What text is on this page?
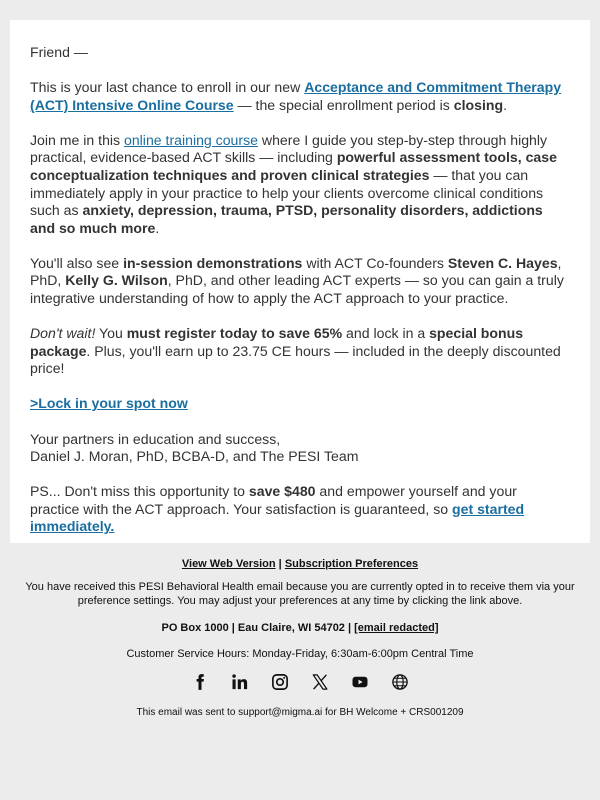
Friend —

This is your last chance to enroll in our new Acceptance and Commitment Therapy (ACT) Intensive Online Course — the special enrollment period is closing.

Join me in this online training course where I guide you step-by-step through highly practical, evidence-based ACT skills — including powerful assessment tools, case conceptualization techniques and proven clinical strategies — that you can immediately apply in your practice to help your clients overcome clinical conditions such as anxiety, depression, trauma, PTSD, personality disorders, addictions and so much more.

You'll also see in-session demonstrations with ACT Co-founders Steven C. Hayes, PhD, Kelly G. Wilson, PhD, and other leading ACT experts — so you can gain a truly integrative understanding of how to apply the ACT approach to your practice.

Don't wait! You must register today to save 65% and lock in a special bonus package. Plus, you'll earn up to 23.75 CE hours — included in the deeply discounted price!

>Lock in your spot now

Your partners in education and success,
Daniel J. Moran, PhD, BCBA-D, and The PESI Team

PS... Don't miss this opportunity to save $480 and empower yourself and your practice with the ACT approach. Your satisfaction is guaranteed, so get started immediately.

View Web Version | Subscription Preferences
You have received this PESI Behavioral Health email because you are currently opted in to receive them via your preference settings. You may adjust your preferences at any time by clicking the link above.
PO Box 1000 | Eau Claire, WI 54702 | [email redacted]
Customer Service Hours: Monday-Friday, 6:30am-6:00pm Central Time
This email was sent to support@migma.ai for BH Welcome + CRS001209
